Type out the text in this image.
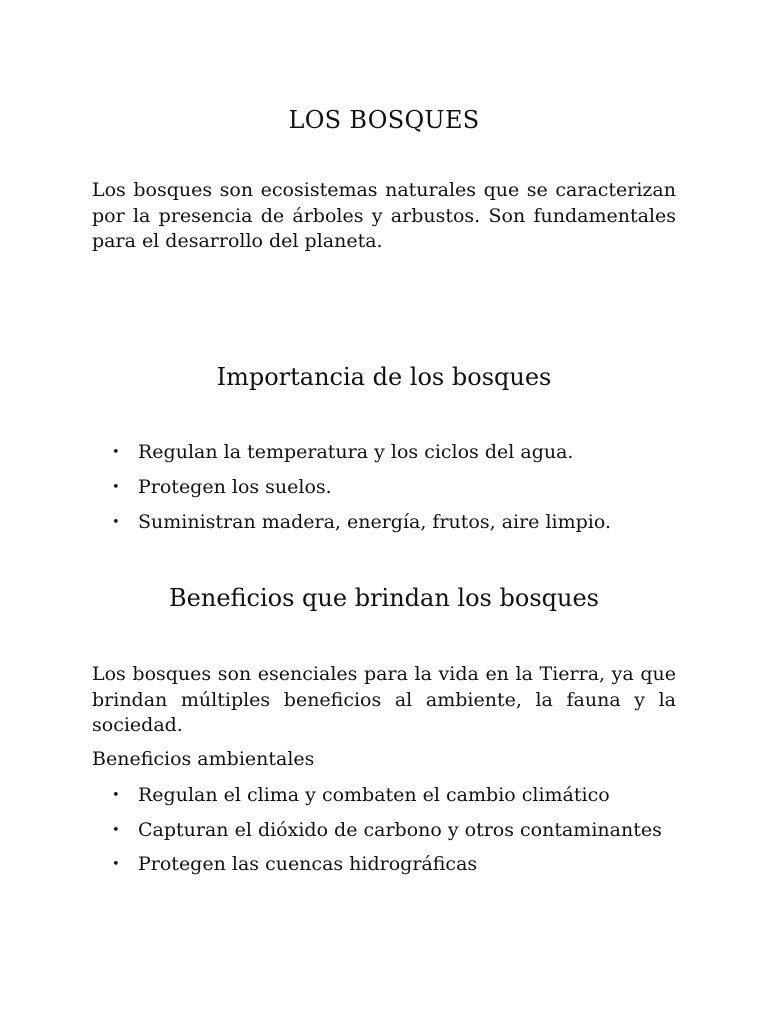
LOS BOSQUES

Los bosques son ecosistemas naturales que se caracterizan por la presencia de árboles y arbustos. Son fundamentales para el desarrollo del planeta.

Importancia de los bosques
• Regulan la temperatura y los ciclos del agua.
• Protegen los suelos.
• Suministran madera, energía, frutos, aire limpio.
Beneficios que brindan los bosques

Los bosques son esenciales para la vida en la Tierra, ya que brindan múltiples beneficios al ambiente, la fauna y la sociedad.

Beneficios ambientales

• Regulan el clima y combaten el cambio climático
• Capturan el dióxido de carbono y otros contaminantes
• Protegen las cuencas hidrográficas
